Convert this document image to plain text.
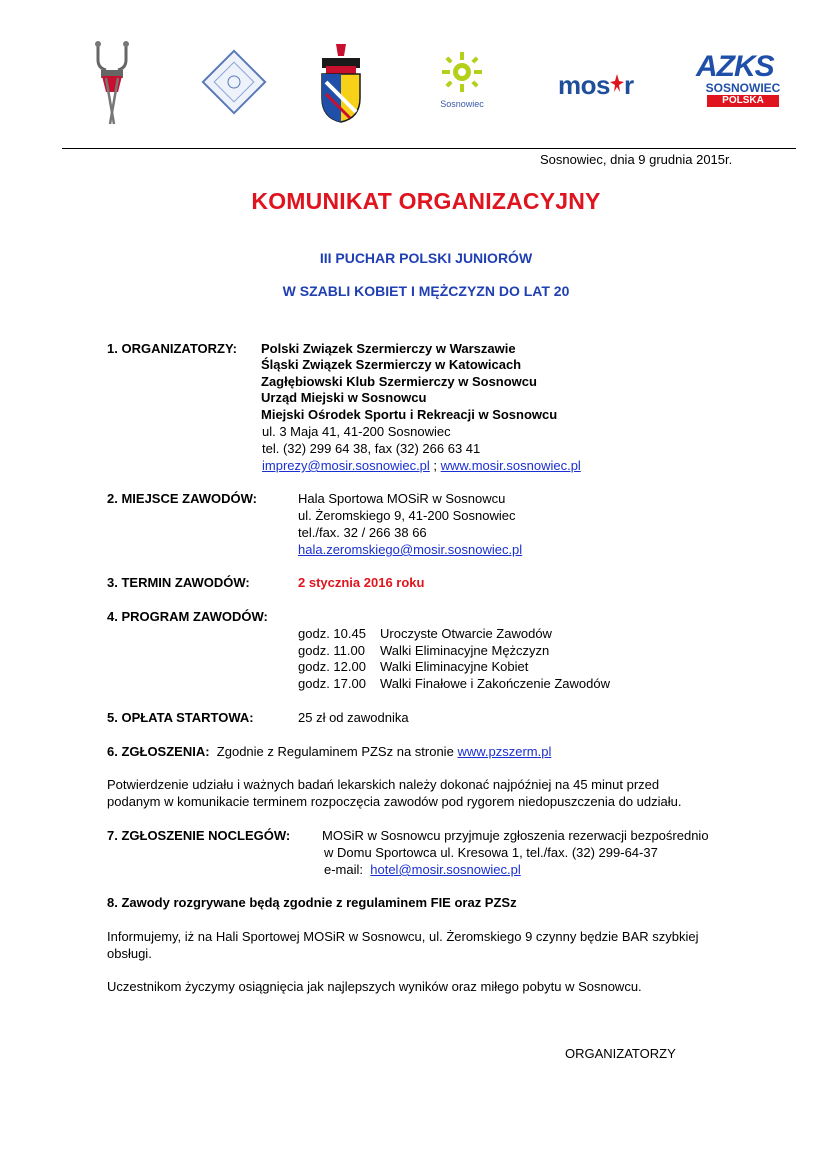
Sosnowiec
mos r
AZKS
SOSNOWIEC
POLSKA
Sosnowiec, dnia 9 grudnia 2015r.
KOMUNIKAT ORGANIZACYJNY
III PUCHAR POLSKI JUNIORÓW
W SZABLI KOBIET I MĘŻCZYZN DO LAT 20
1. ORGANIZATORZY: Polski Związek Szermierczy w Warszawie
Śląski Związek Szermierczy w Katowicach
Zagłębiowski Klub Szermierczy w Sosnowcu
Urząd Miejski w Sosnowcu
Miejski Ośrodek Sportu i Rekreacji w Sosnowcu
ul. 3 Maja 41, 41-200 Sosnowiec
tel. (32) 299 64 38, fax (32) 266 63 41
imprezy@mosir.sosnowiec.pl ; www.mosir.sosnowiec.pl
2. MIEJSCE ZAWODÓW:	Hala Sportowa MOSiR w Sosnowcu
ul. Żeromskiego 9, 41-200 Sosnowiec
tel./fax. 32 / 266 38 66
hala.zeromskiego@mosir.sosnowiec.pl
3. TERMIN ZAWODÓW:	2 stycznia 2016 roku
4. PROGRAM ZAWODÓW:
godz. 10.45 Uroczyste Otwarcie Zawodów
godz. 11.00 Walki Eliminacyjne Mężczyzn
godz. 12.00 Walki Eliminacyjne Kobiet
godz. 17.00 Walki Finałowe i Zakończenie Zawodów
5. OPŁATA STARTOWA:	25 zł od zawodnika
6. ZGŁOSZENIA: Zgodnie z Regulaminem PZSz na stronie www.pzszerm.pl
Potwierdzenie udziału i ważnych badań lekarskich należy dokonać najpóźniej na 45 minut przed
podanym w komunikacie terminem rozpoczęcia zawodów pod rygorem niedopuszczenia do udziału.
7. ZGŁOSZENIE NOCLEGÓW: MOSiR w Sosnowcu przyjmuje zgłoszenia rezerwacji bezpośrednio
w Domu Sportowca ul. Kresowa 1, tel./fax. (32) 299-64-37
e-mail: hotel@mosir.sosnowiec.pl
8. Zawody rozgrywane będą zgodnie z regulaminem FIE oraz PZSz
Informujemy, iż na Hali Sportowej MOSiR w Sosnowcu, ul. Żeromskiego 9 czynny będzie BAR szybkiej
obsługi.
Uczestnikom życzymy osiągnięcia jak najlepszych wyników oraz miłego pobytu w Sosnowcu.
ORGANIZATORZY
